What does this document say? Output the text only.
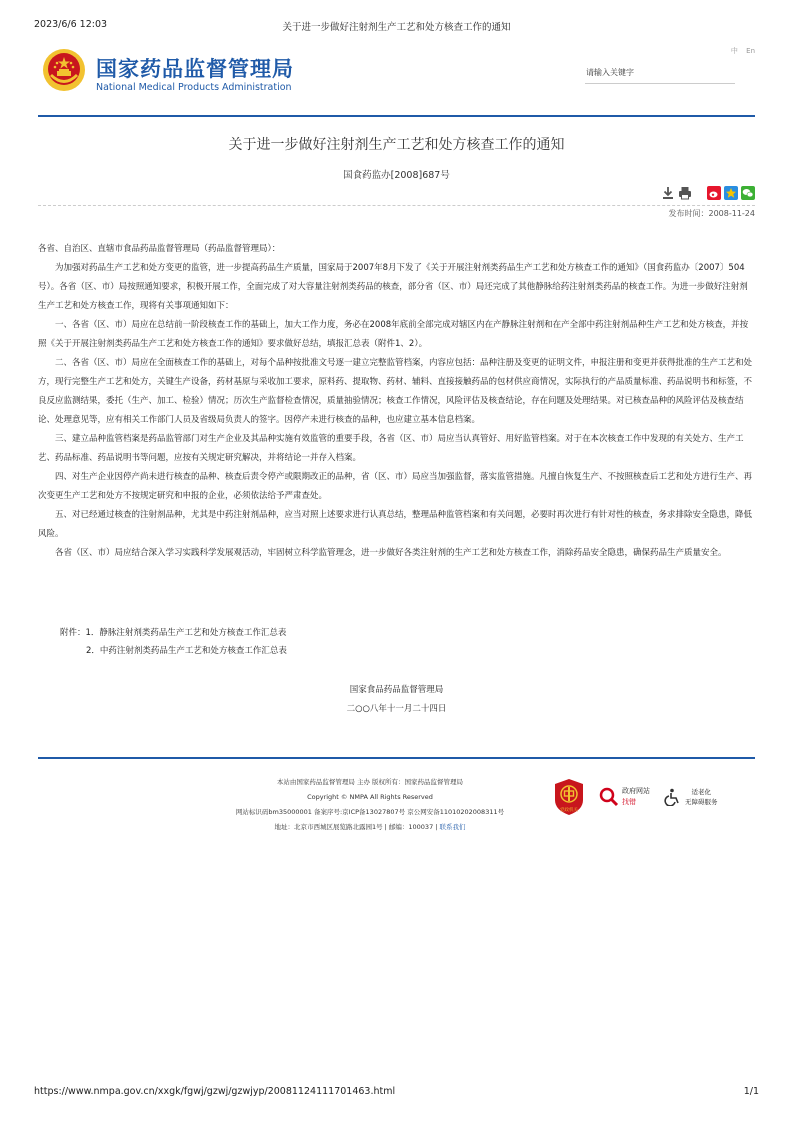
2023/6/6 12:03	关于进一步做好注射剂生产工艺和处方核查工作的通知
国家药品监督管理局
National Medical Products Administration
中 En
请输入关键字
关于进一步做好注射剂生产工艺和处方核查工作的通知
国食药监办[2008]687号
发布时间：2008-11-24

各省、自治区、直辖市食品药品监督管理局（药品监督管理局）：

为加强对药品生产工艺和处方变更的监管，进一步提高药品生产质量，国家局于2007年8月下发了《关于开展注射剂类药品生产工艺和处方核查工作的通知》（国食药监办〔2007〕504号）。各省（区、市）局按照通知要求，积极开展工作，全面完成了对大容量注射剂类药品的核查，部分省（区、市）局还完成了其他静脉给药注射剂类药品的核查工作。为进一步做好注射剂生产工艺和处方核查工作，现将有关事项通知如下：

一、各省（区、市）局应在总结前一阶段核查工作的基础上，加大工作力度，务必在2008年底前全部完成对辖区内在产静脉注射剂和在产全部中药注射剂品种生产工艺和处方核查，并按照《关于开展注射剂类药品生产工艺和处方核查工作的通知》要求做好总结，填报汇总表（附件1、2）。

二、各省（区、市）局应在全面核查工作的基础上，对每个品种按批准文号逐一建立完整监管档案，内容应包括：品种注册及变更的证明文件，申报注册和变更并获得批准的生产工艺和处方，现行完整生产工艺和处方，关键生产设备，药材基原与采收加工要求，原料药、提取物、药材、辅料、直接接触药品的包材供应商情况，实际执行的产品质量标准、药品说明书和标签，不良反应监测结果，委托（生产、加工、检验）情况；历次生产监督检查情况，质量抽验情况；核查工作情况，风险评估及核查结论，存在问题及处理结果。对已核查品种的风险评估及核查结论、处理意见等，应有相关工作部门人员及省级局负责人的签字。因停产未进行核查的品种，也应建立基本信息档案。

三、建立品种监管档案是药品监管部门对生产企业及其品种实施有效监管的重要手段，各省（区、市）局应当认真管好、用好监管档案。对于在本次核查工作中发现的有关处方、生产工艺、药品标准、药品说明书等问题，应按有关规定研究解决，并将结论一并存入档案。

四、对生产企业因停产尚未进行核查的品种、核查后责令停产或限期改正的品种，省（区、市）局应当加强监督，落实监管措施。凡擅自恢复生产、不按照核查后工艺和处方进行生产、再次变更生产工艺和处方不按规定研究和申报的企业，必须依法给予严肃查处。

五、对已经通过核查的注射剂品种，尤其是中药注射剂品种，应当对照上述要求进行认真总结，整理品种监管档案和有关问题，必要时再次进行有针对性的核查，务求排除安全隐患，降低风险。

各省（区、市）局应结合深入学习实践科学发展观活动，牢固树立科学监管理念，进一步做好各类注射剂的生产工艺和处方核查工作，消除药品安全隐患，确保药品生产质量安全。

附件：1．静脉注射剂类药品生产工艺和处方核查工作汇总表
2．中药注射剂类药品生产工艺和处方核查工作汇总表
国家食品药品监督管理局
二○○八年十一月二十四日
本站由国家药品监督管理局 主办 版权所有：国家药品监督管理局
Copyright © NMPA All Rights Reserved
网站标识码bm35000001 备案序号:京ICP备13027807号 京公网安备11010202008311号
地址：北京市西城区展览路北露园1号 | 邮编：100037 | 联系我们
党政机关
政府网站
找错
适老化
无障碍服务
https://www.nmpa.gov.cn/xxgk/fgwj/gzwj/gzwjyp/20081124111701463.html	1/1
